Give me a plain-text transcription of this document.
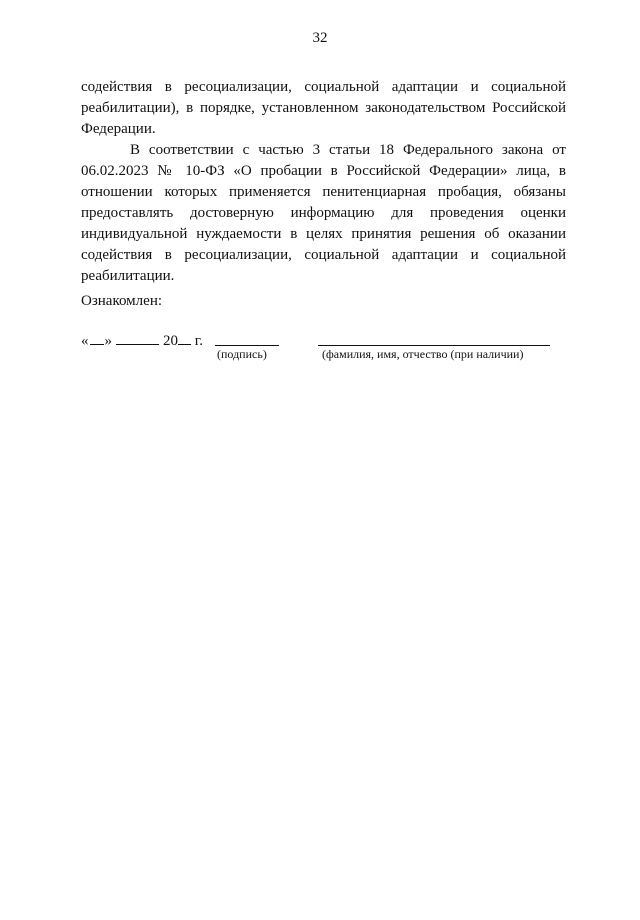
32

содействия в ресоциализации, социальной адаптации и социальной реабилитации), в порядке, установленном законодательством Российской Федерации.

В соответствии с частью 3 статьи 18 Федерального закона от 06.02.2023 № 10-ФЗ «О пробации в Российской Федерации» лица, в отношении которых применяется пенитенциарная пробация, обязаны предоставлять достоверную информацию для проведения оценки индивидуальной нуждаемости в целях принятия решения об оказании содействия в ресоциализации, социальной адаптации и социальной реабилитации.

Ознакомлен:
« »	20 г.
(подпись)	(фамилия, имя, отчество (при наличии)
